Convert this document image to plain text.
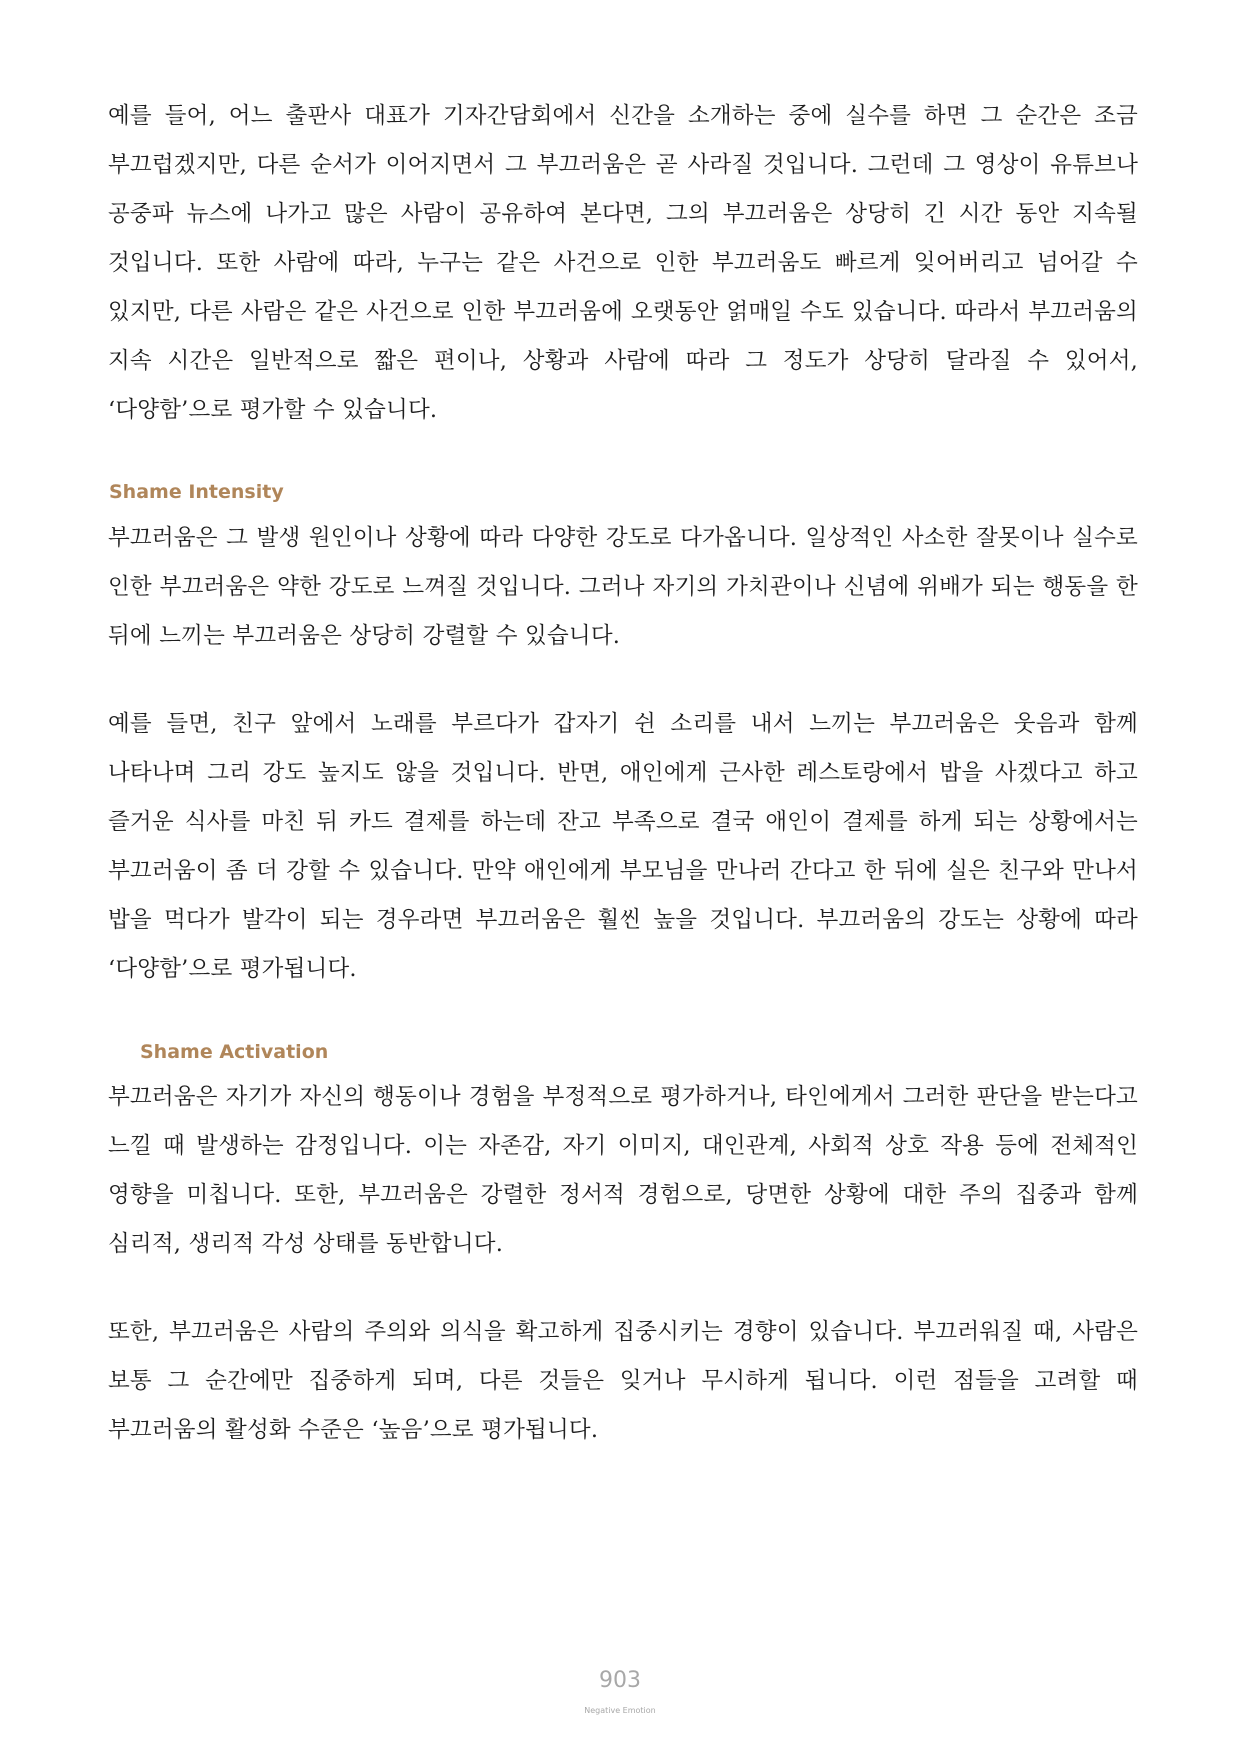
예를 들어, 어느 출판사 대표가 기자간담회에서 신간을 소개하는 중에 실수를 하면 그 순간은 조금 부끄럽겠지만, 다른 순서가 이어지면서 그 부끄러움은 곧 사라질 것입니다. 그런데 그 영상이 유튜브나 공중파 뉴스에 나가고 많은 사람이 공유하여 본다면, 그의 부끄러움은 상당히 긴 시간 동안 지속될 것입니다. 또한 사람에 따라, 누구는 같은 사건으로 인한 부끄러움도 빠르게 잊어버리고 넘어갈 수 있지만, 다른 사람은 같은 사건으로 인한 부끄러움에 오랫동안 얽매일 수도 있습니다. 따라서 부끄러움의 지속 시간은 일반적으로 짧은 편이나, 상황과 사람에 따라 그 정도가 상당히 달라질 수 있어서, ‘다양함’으로 평가할 수 있습니다.

Shame Intensity

부끄러움은 그 발생 원인이나 상황에 따라 다양한 강도로 다가옵니다. 일상적인 사소한 잘못이나 실수로 인한 부끄러움은 약한 강도로 느껴질 것입니다. 그러나 자기의 가치관이나 신념에 위배가 되는 행동을 한 뒤에 느끼는 부끄러움은 상당히 강렬할 수 있습니다.

예를 들면, 친구 앞에서 노래를 부르다가 갑자기 쉰 소리를 내서 느끼는 부끄러움은 웃음과 함께 나타나며 그리 강도 높지도 않을 것입니다. 반면, 애인에게 근사한 레스토랑에서 밥을 사겠다고 하고 즐거운 식사를 마친 뒤 카드 결제를 하는데 잔고 부족으로 결국 애인이 결제를 하게 되는 상황에서는 부끄러움이 좀 더 강할 수 있습니다. 만약 애인에게 부모님을 만나러 간다고 한 뒤에 실은 친구와 만나서 밥을 먹다가 발각이 되는 경우라면 부끄러움은 훨씬 높을 것입니다. 부끄러움의 강도는 상황에 따라 ‘다양함’으로 평가됩니다.

Shame Activation

부끄러움은 자기가 자신의 행동이나 경험을 부정적으로 평가하거나, 타인에게서 그러한 판단을 받는다고 느낄 때 발생하는 감정입니다. 이는 자존감, 자기 이미지, 대인관계, 사회적 상호 작용 등에 전체적인 영향을 미칩니다. 또한, 부끄러움은 강렬한 정서적 경험으로, 당면한 상황에 대한 주의 집중과 함께 심리적, 생리적 각성 상태를 동반합니다.

또한, 부끄러움은 사람의 주의와 의식을 확고하게 집중시키는 경향이 있습니다. 부끄러워질 때, 사람은 보통 그 순간에만 집중하게 되며, 다른 것들은 잊거나 무시하게 됩니다. 이런 점들을 고려할 때 부끄러움의 활성화 수준은 ‘높음’으로 평가됩니다.

903
Negative Emotion
